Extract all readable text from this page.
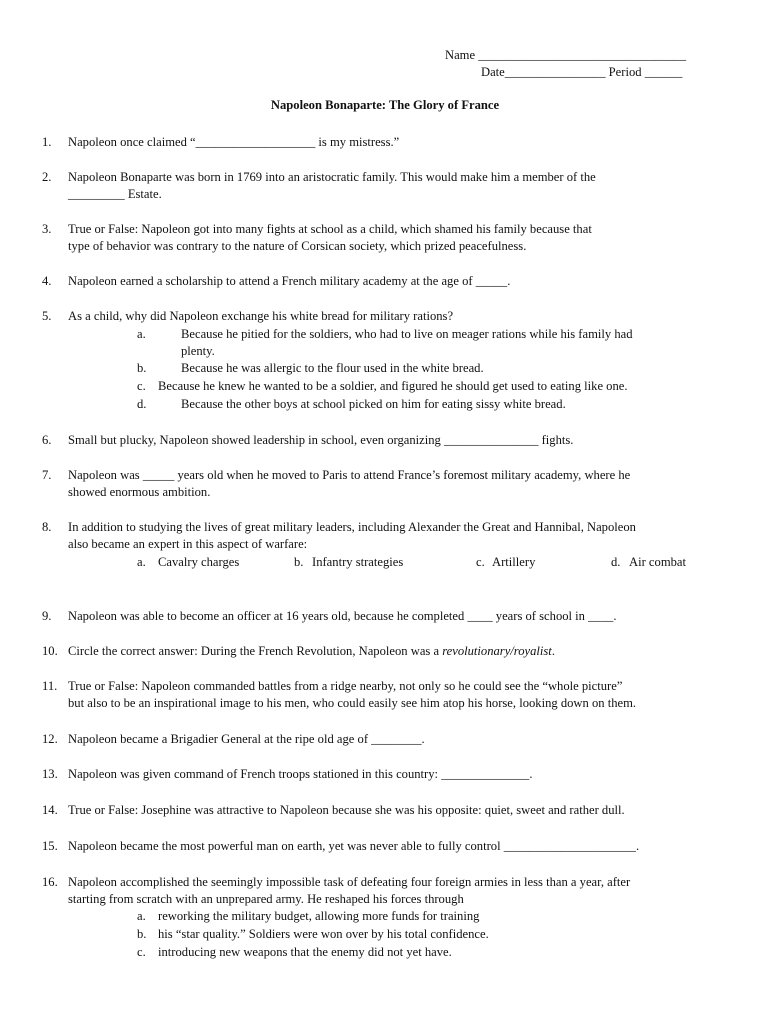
Name _________________________________
Date________________ Period ______
Napoleon Bonaparte: The Glory of France
1. Napoleon once claimed “___________________ is my mistress.”
2. Napoleon Bonaparte was born in 1769 into an aristocratic family. This would make him a member of the
_________ Estate.
3. True or False: Napoleon got into many fights at school as a child, which shamed his family because that
type of behavior was contrary to the nature of Corsican society, which prized peacefulness.
4. Napoleon earned a scholarship to attend a French military academy at the age of _____.
5. As a child, why did Napoleon exchange his white bread for military rations?
a.	Because he pitied for the soldiers, who had to live on meager rations while his family had
plenty.
b.	Because he was allergic to the flour used in the white bread.
c. Because he knew he wanted to be a soldier, and figured he should get used to eating like one.
d.	Because the other boys at school picked on him for eating sissy white bread.
6. Small but plucky, Napoleon showed leadership in school, even organizing _______________ fights.
7. Napoleon was _____ years old when he moved to Paris to attend France’s foremost military academy, where he
showed enormous ambition.
8. In addition to studying the lives of great military leaders, including Alexander the Great and Hannibal, Napoleon
also became an expert in this aspect of warfare:
a. Cavalry charges	b. Infantry strategies	c. Artillery	d. Air combat
9. Napoleon was able to become an officer at 16 years old, because he completed ____ years of school in ____.
10. Circle the correct answer: During the French Revolution, Napoleon was a revolutionary/royalist.
11. True or False: Napoleon commanded battles from a ridge nearby, not only so he could see the “whole picture”
but also to be an inspirational image to his men, who could easily see him atop his horse, looking down on them.
12. Napoleon became a Brigadier General at the ripe old age of ________.
13. Napoleon was given command of French troops stationed in this country: ______________.
14. True or False: Josephine was attractive to Napoleon because she was his opposite: quiet, sweet and rather dull.
15. Napoleon became the most powerful man on earth, yet was never able to fully control _____________________.
16. Napoleon accomplished the seemingly impossible task of defeating four foreign armies in less than a year, after
starting from scratch with an unprepared army. He reshaped his forces through
a. reworking the military budget, allowing more funds for training
b. his “star quality.” Soldiers were won over by his total confidence.
c. introducing new weapons that the enemy did not yet have.
